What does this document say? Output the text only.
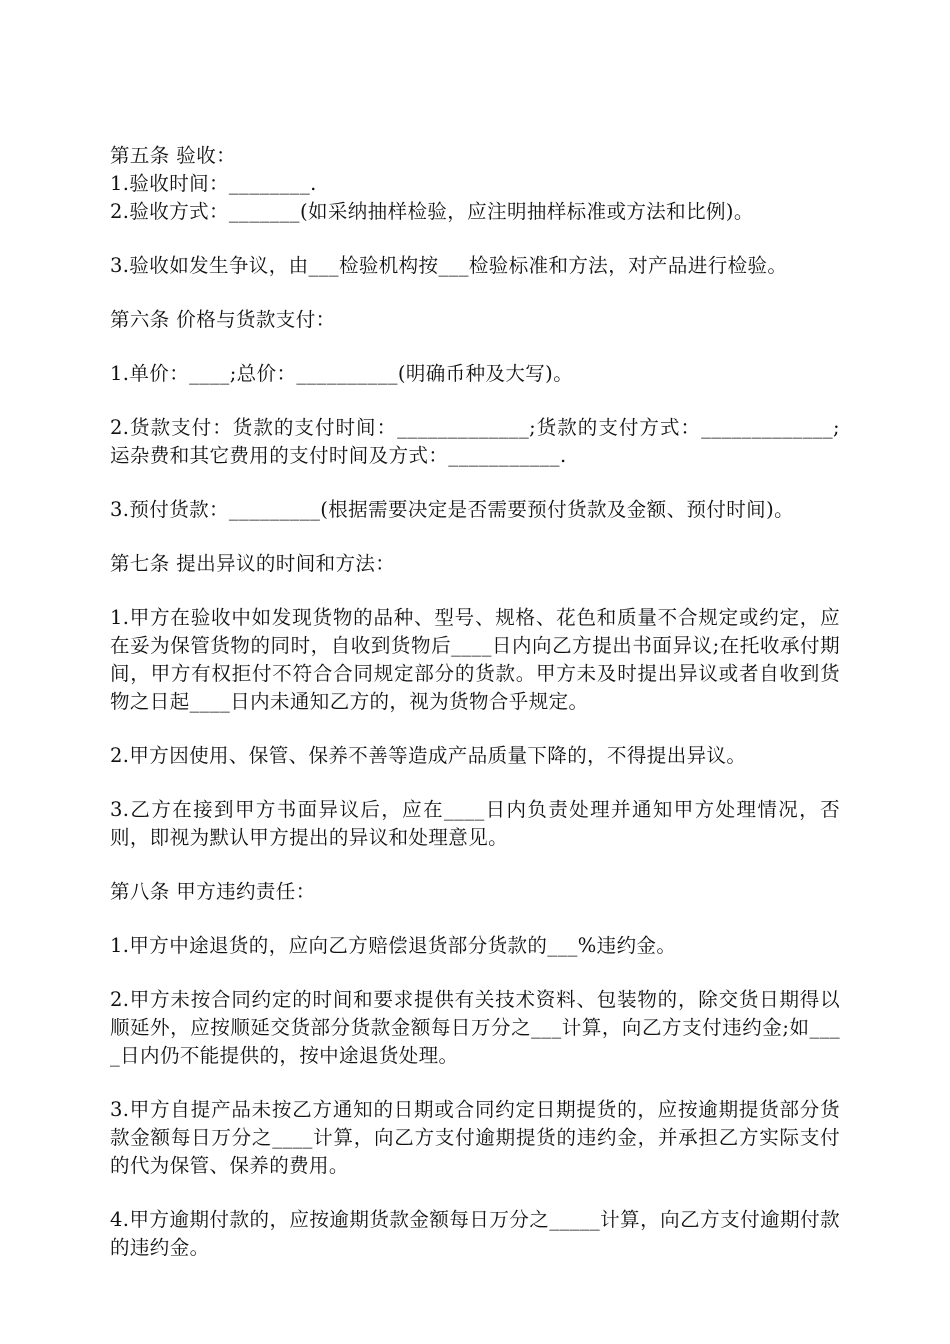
第五条 验收：

1.验收时间：________.

2.验收方式：_______(如采纳抽样检验，应注明抽样标准或方法和比例)。

3.验收如发生争议，由___检验机构按___检验标准和方法，对产品进行检验。

第六条 价格与货款支付：

1.单价：____;总价：__________(明确币种及大写)。

2.货款支付：货款的支付时间：_____________;货款的支付方式：_____________;运杂费和其它费用的支付时间及方式：___________.

3.预付货款：_________(根据需要决定是否需要预付货款及金额、预付时间)。

第七条 提出异议的时间和方法：

1.甲方在验收中如发现货物的品种、型号、规格、花色和质量不合规定或约定，应在妥为保管货物的同时，自收到货物后____日内向乙方提出书面异议;在托收承付期间，甲方有权拒付不符合合同规定部分的货款。甲方未及时提出异议或者自收到货物之日起____日内未通知乙方的，视为货物合乎规定。

2.甲方因使用、保管、保养不善等造成产品质量下降的，不得提出异议。

3.乙方在接到甲方书面异议后，应在____日内负责处理并通知甲方处理情况，否则，即视为默认甲方提出的异议和处理意见。

第八条 甲方违约责任：

1.甲方中途退货的，应向乙方赔偿退货部分货款的___%违约金。

2.甲方未按合同约定的时间和要求提供有关技术资料、包装物的，除交货日期得以顺延外，应按顺延交货部分货款金额每日万分之___计算，向乙方支付违约金;如____日内仍不能提供的，按中途退货处理。

3.甲方自提产品未按乙方通知的日期或合同约定日期提货的，应按逾期提货部分货款金额每日万分之____计算，向乙方支付逾期提货的违约金，并承担乙方实际支付的代为保管、保养的费用。

4.甲方逾期付款的，应按逾期货款金额每日万分之_____计算，向乙方支付逾期付款的违约金。
